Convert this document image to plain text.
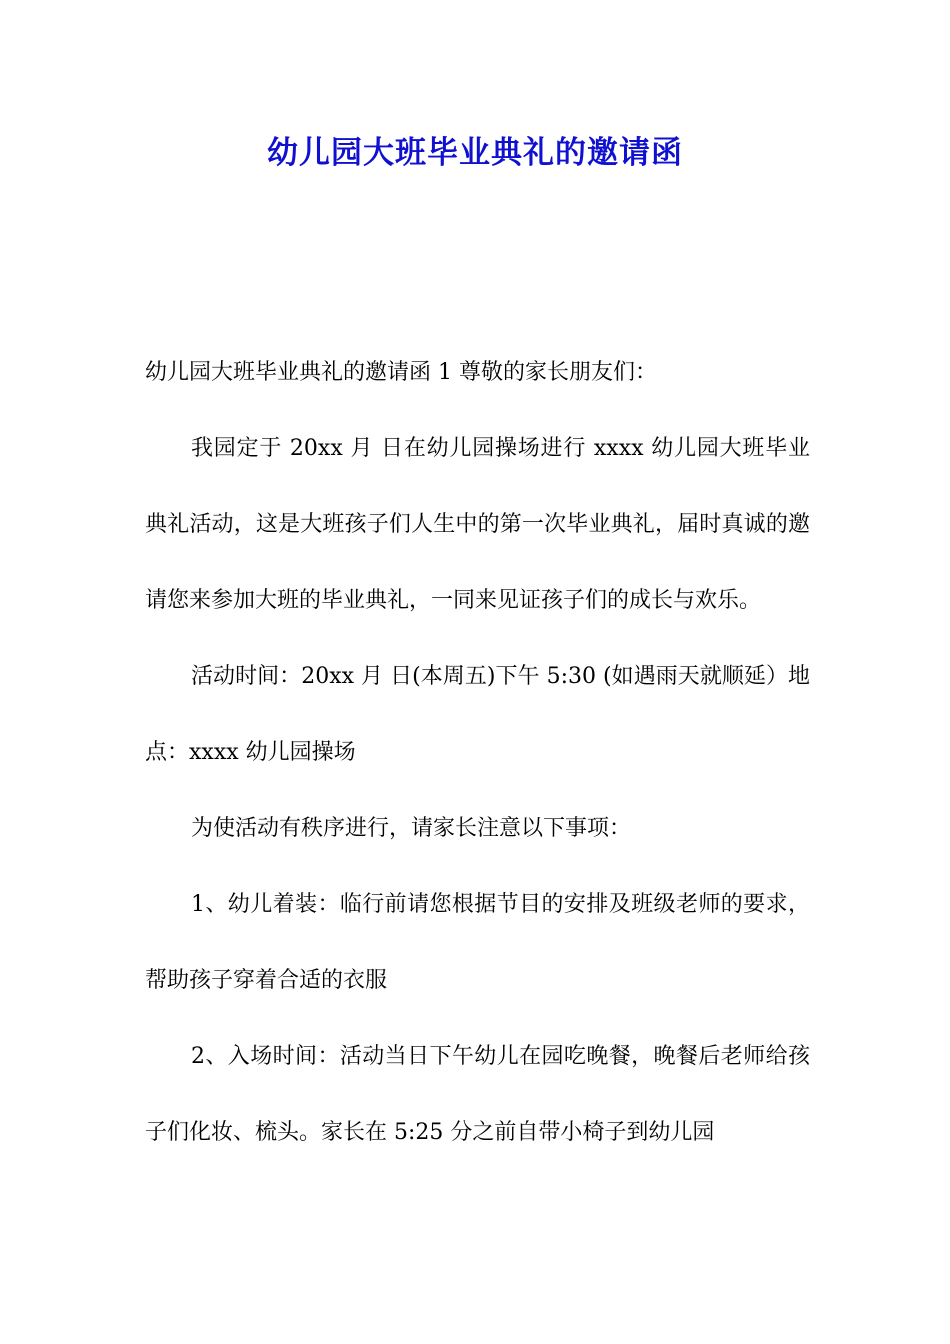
幼儿园大班毕业典礼的邀请函

幼儿园大班毕业典礼的邀请函 1 尊敬的家长朋友们：

我园定于 20xx 月 日在幼儿园操场进行 xxxx 幼儿园大班毕业典礼活动，这是大班孩子们人生中的第一次毕业典礼，届时真诚的邀请您来参加大班的毕业典礼，一同来见证孩子们的成长与欢乐。

活动时间：20xx 月 日(本周五)下午 5:30 (如遇雨天就顺延）地点：xxxx 幼儿园操场

为使活动有秩序进行，请家长注意以下事项：

1、幼儿着装：临行前请您根据节目的安排及班级老师的要求，帮助孩子穿着合适的衣服

2、入场时间：活动当日下午幼儿在园吃晚餐，晚餐后老师给孩子们化妆、梳头。家长在 5:25 分之前自带小椅子到幼儿园
